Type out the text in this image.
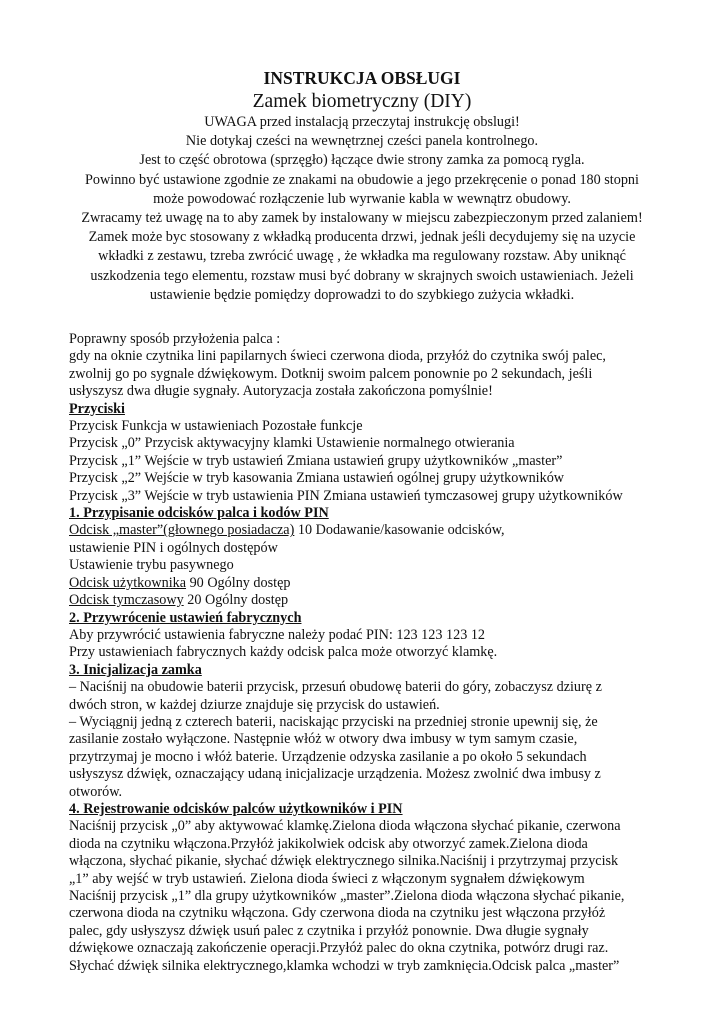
INSTRUKCJA OBSŁUGI
Zamek biometryczny (DIY)

UWAGA przed instalacją przeczytaj instrukcję obslugi!

Nie dotykaj cześci na wewnętrznej cześci panela kontrolnego.

Jest to część obrotowa (sprzęgło) łączące dwie strony zamka za pomocą rygla.

Powinno być ustawione zgodnie ze znakami na obudowie a jego przekręcenie o ponad 180 stopni

może powodować rozłączenie lub wyrwanie kabla w wewnątrz obudowy.

Zwracamy też uwagę na to aby zamek by instalowany w miejscu zabezpieczonym przed zalaniem!

Zamek może byc stosowany z wkładką producenta drzwi, jednak jeśli decydujemy się na uzycie

wkładki z zestawu, tzreba zwrócić uwagę , że wkładka ma regulowany rozstaw. Aby uniknąć

uszkodzenia tego elementu, rozstaw musi być dobrany w skrajnych swoich ustawieniach. Jeżeli

ustawienie będzie pomiędzy doprowadzi to do szybkiego zużycia wkładki.

Poprawny sposób przyłożenia palca :

gdy na oknie czytnika lini papilarnych świeci czerwona dioda, przyłóż do czytnika swój palec,

zwolnij go po sygnale dźwiękowym. Dotknij swoim palcem ponownie po 2 sekundach, jeśli

usłyszysz dwa długie sygnały. Autoryzacja została zakończona pomyślnie!

Przyciski

Przycisk Funkcja w ustawieniach Pozostałe funkcje

Przycisk „0” Przycisk aktywacyjny klamki Ustawienie normalnego otwierania

Przycisk „1” Wejście w tryb ustawień Zmiana ustawień grupy użytkowników „master”

Przycisk „2” Wejście w tryb kasowania Zmiana ustawień ogólnej grupy użytkowników

Przycisk „3” Wejście w tryb ustawienia PIN Zmiana ustawień tymczasowej grupy użytkowników

1. Przypisanie odcisków palca i kodów PIN

Odcisk „master”(głownego posiadacza) 10 Dodawanie/kasowanie odcisków,

ustawienie PIN i ogólnych dostępów

Ustawienie trybu pasywnego

Odcisk użytkownika 90 Ogólny dostęp

Odcisk tymczasowy 20 Ogólny dostęp

2. Przywrócenie ustawień fabrycznych

Aby przywrócić ustawienia fabryczne należy podać PIN: 123 123 123 12

Przy ustawieniach fabrycznych każdy odcisk palca może otworzyć klamkę.

3. Inicjalizacja zamka

– Naciśnij na obudowie baterii przycisk, przesuń obudowę baterii do góry, zobaczysz dziurę z

dwóch stron, w każdej dziurze znajduje się przycisk do ustawień.

– Wyciągnij jedną z czterech baterii, naciskając przyciski na przedniej stronie upewnij się, że

zasilanie zostało wyłączone. Następnie włóż w otwory dwa imbusy w tym samym czasie,

przytrzymaj je mocno i włóż baterie. Urządzenie odzyska zasilanie a po około 5 sekundach

usłyszysz dźwięk, oznaczający udaną inicjalizacje urządzenia. Możesz zwolnić dwa imbusy z

otworów.

4. Rejestrowanie odcisków palców użytkowników i PIN

Naciśnij przycisk „0” aby aktywować klamkę.Zielona dioda włączona słychać pikanie, czerwona

dioda na czytniku włączona.Przyłóż jakikolwiek odcisk aby otworzyć zamek.Zielona dioda

włączona, słychać pikanie, słychać dźwięk elektrycznego silnika.Naciśnij i przytrzymaj przycisk

„1” aby wejść w tryb ustawień. Zielona dioda świeci z włączonym sygnałem dźwiękowym

Naciśnij przycisk „1” dla grupy użytkowników „master”.Zielona dioda włączona słychać pikanie,

czerwona dioda na czytniku włączona. Gdy czerwona dioda na czytniku jest włączona przyłóż

palec, gdy usłyszysz dźwięk usuń palec z czytnika i przyłóż ponownie. Dwa długie sygnały

dźwiękowe oznaczają zakończenie operacji.Przyłóż palec do okna czytnika, potwórz drugi raz.

Słychać dźwięk silnika elektrycznego,klamka wchodzi w tryb zamknięcia.Odcisk palca „master”
